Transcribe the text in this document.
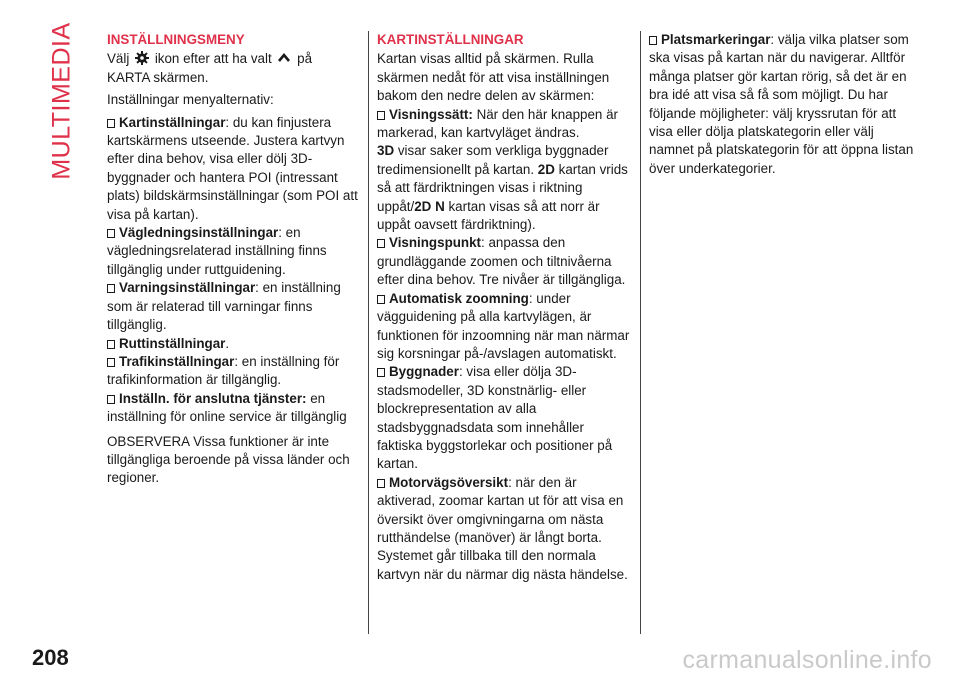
MULTIMEDIA INSTÄLLNINGSMENY

Välj ikon efter att ha valt på
KARTA skärmen.

Inställningar menyalternativ:

Kartinställningar: du kan finjustera kartskärmens utseende. Justera kartvyn efter dina behov, visa eller dölj 3D-byggnader och hantera POI (intressant plats) bildskärmsinställningar (som POI att visa på kartan).
Vägledningsinställningar: en vägledningsrelaterad inställning finns tillgänglig under ruttguidening.
Varningsinställningar: en inställning som är relaterad till varningar finns tillgänglig.
Ruttinställningar.
Trafikinställningar: en inställning för trafikinformation är tillgänglig.
Inställn. för anslutna tjänster: en inställning för online service är tillgänglig

OBSERVERA Vissa funktioner är inte tillgängliga beroende på vissa länder och regioner.

KARTINSTÄLLNINGAR
Kartan visas alltid på skärmen. Rulla skärmen nedåt för att visa inställningen bakom den nedre delen av skärmen:
Visningssätt: När den här knappen är markerad, kan kartvyläget ändras.
3D visar saker som verkliga byggnader tredimensionellt på kartan. 2D kartan vrids så att färdriktningen visas i riktning uppåt/2D N kartan visas så att norr är uppåt oavsett färdriktning).
Visningspunkt: anpassa den grundläggande zoomen och tiltnivåerna efter dina behov. Tre nivåer är tillgängliga.
Automatisk zoomning: under vägguidening på alla kartvylägen, är funktionen för inzoomning när man närmar sig korsningar på-/avslagen automatiskt.
Byggnader: visa eller dölja 3D-stadsmodeller, 3D konstnärlig- eller blockrepresentation av alla stadsbyggnadsdata som innehåller faktiska byggstorlekar och positioner på kartan.
Motorvägsöversikt: när den är aktiverad, zoomar kartan ut för att visa en översikt över omgivningarna om nästa rutthändelse (manöver) är långt borta. Systemet går tillbaka till den normala kartvyn när du närmar dig nästa händelse.
Platsmarkeringar: välja vilka platser som ska visas på kartan när du navigerar. Alltför många platser gör kartan rörig, så det är en bra idé att visa så få som möjligt. Du har följande möjligheter: välj kryssrutan för att visa eller dölja platskategorin eller välj namnet på platskategorin för att öppna listan över underkategorier.
208	carmanualsonline.info
